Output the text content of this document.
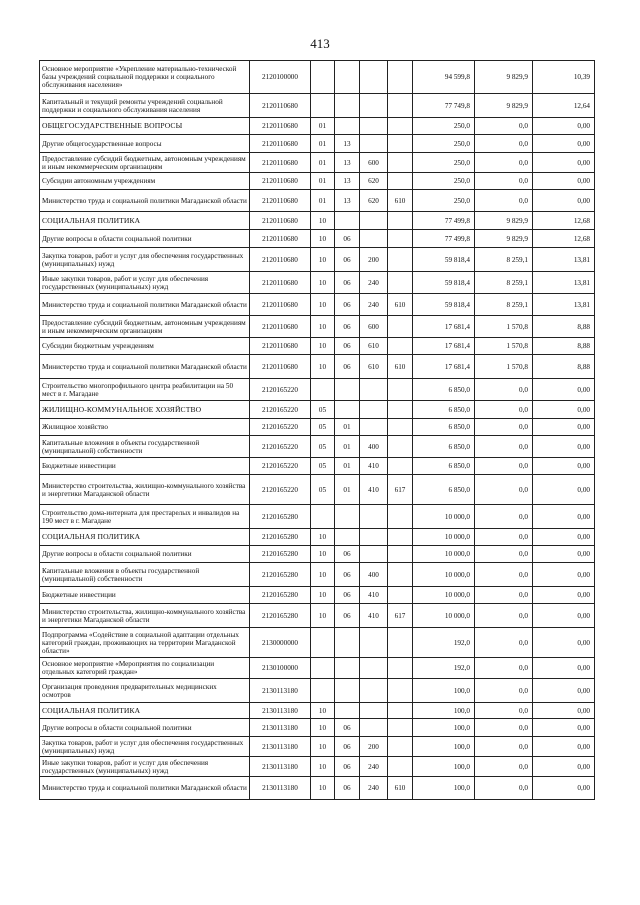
413
Основное мероприятие «Укрепление материально-технической базы учреждений социальной поддержки и социального обслуживания населения»	2120100000					94 599,8	9 829,9	10,39
Капитальный и текущий ремонты учреждений социальной поддержки и социального обслуживания населения	2120110680					77 749,8	9 829,9	12,64
ОБЩЕГОСУДАРСТВЕННЫЕ ВОПРОСЫ	2120110680	01				250,0	0,0	0,00
Другие общегосударственные вопросы	2120110680	01	13			250,0	0,0	0,00
Предоставление субсидий бюджетным, автономным учреждениям и иным некоммерческим организациям	2120110680	01	13	600		250,0	0,0	0,00
Субсидии автономным учреждениям	2120110680	01	13	620		250,0	0,0	0,00
Министерство труда и социальной политики Магаданской области	2120110680	01	13	620	610	250,0	0,0	0,00
СОЦИАЛЬНАЯ ПОЛИТИКА	2120110680	10				77 499,8	9 829,9	12,68
Другие вопросы в области социальной политики	2120110680	10	06			77 499,8	9 829,9	12,68
Закупка товаров, работ и услуг для обеспечения государственных (муниципальных) нужд	2120110680	10	06	200		59 818,4	8 259,1	13,81
Иные закупки товаров, работ и услуг для обеспечения государственных (муниципальных) нужд	2120110680	10	06	240		59 818,4	8 259,1	13,81
Министерство труда и социальной политики Магаданской области	2120110680	10	06	240	610	59 818,4	8 259,1	13,81
Предоставление субсидий бюджетным, автономным учреждениям и иным некоммерческим организациям	2120110680	10	06	600		17 681,4	1 570,8	8,88
Субсидии бюджетным учреждениям	2120110680	10	06	610		17 681,4	1 570,8	8,88
Министерство труда и социальной политики Магаданской области	2120110680	10	06	610	610	17 681,4	1 570,8	8,88
Строительство многопрофильного центра реабилитации на 50 мест в г. Магадане	2120165220					6 850,0	0,0	0,00
ЖИЛИЩНО-КОММУНАЛЬНОЕ ХОЗЯЙСТВО	2120165220	05				6 850,0	0,0	0,00
Жилищное хозяйство	2120165220	05	01			6 850,0	0,0	0,00
Капитальные вложения в объекты государственной (муниципальной) собственности	2120165220	05	01	400		6 850,0	0,0	0,00
Бюджетные инвестиции	2120165220	05	01	410		6 850,0	0,0	0,00
Министерство строительства, жилищно-коммунального хозяйства и энергетики Магаданской области	2120165220	05	01	410	617	6 850,0	0,0	0,00
Строительство дома-интерната для престарелых и инвалидов на 190 мест в г. Магадане	2120165280					10 000,0	0,0	0,00
СОЦИАЛЬНАЯ ПОЛИТИКА	2120165280	10				10 000,0	0,0	0,00
Другие вопросы в области социальной политики	2120165280	10	06			10 000,0	0,0	0,00
Капитальные вложения в объекты государственной (муниципальной) собственности	2120165280	10	06	400		10 000,0	0,0	0,00
Бюджетные инвестиции	2120165280	10	06	410		10 000,0	0,0	0,00
Министерство строительства, жилищно-коммунального хозяйства и энергетики Магаданской области	2120165280	10	06	410	617	10 000,0	0,0	0,00
Подпрограмма «Содействие в социальной адаптации отдельных категорий граждан, проживающих на территории Магаданской области»	2130000000					192,0	0,0	0,00
Основное мероприятие «Мероприятия по социализации отдельных категорий граждан»	2130100000					192,0	0,0	0,00
Организация проведения предварительных медицинских осмотров	2130113180					100,0	0,0	0,00
СОЦИАЛЬНАЯ ПОЛИТИКА	2130113180	10				100,0	0,0	0,00
Другие вопросы в области социальной политики	2130113180	10	06			100,0	0,0	0,00
Закупка товаров, работ и услуг для обеспечения государственных (муниципальных) нужд	2130113180	10	06	200		100,0	0,0	0,00
Иные закупки товаров, работ и услуг для обеспечения государственных (муниципальных) нужд	2130113180	10	06	240		100,0	0,0	0,00
Министерство труда и социальной политики Магаданской области	2130113180	10	06	240	610	100,0	0,0	0,00
